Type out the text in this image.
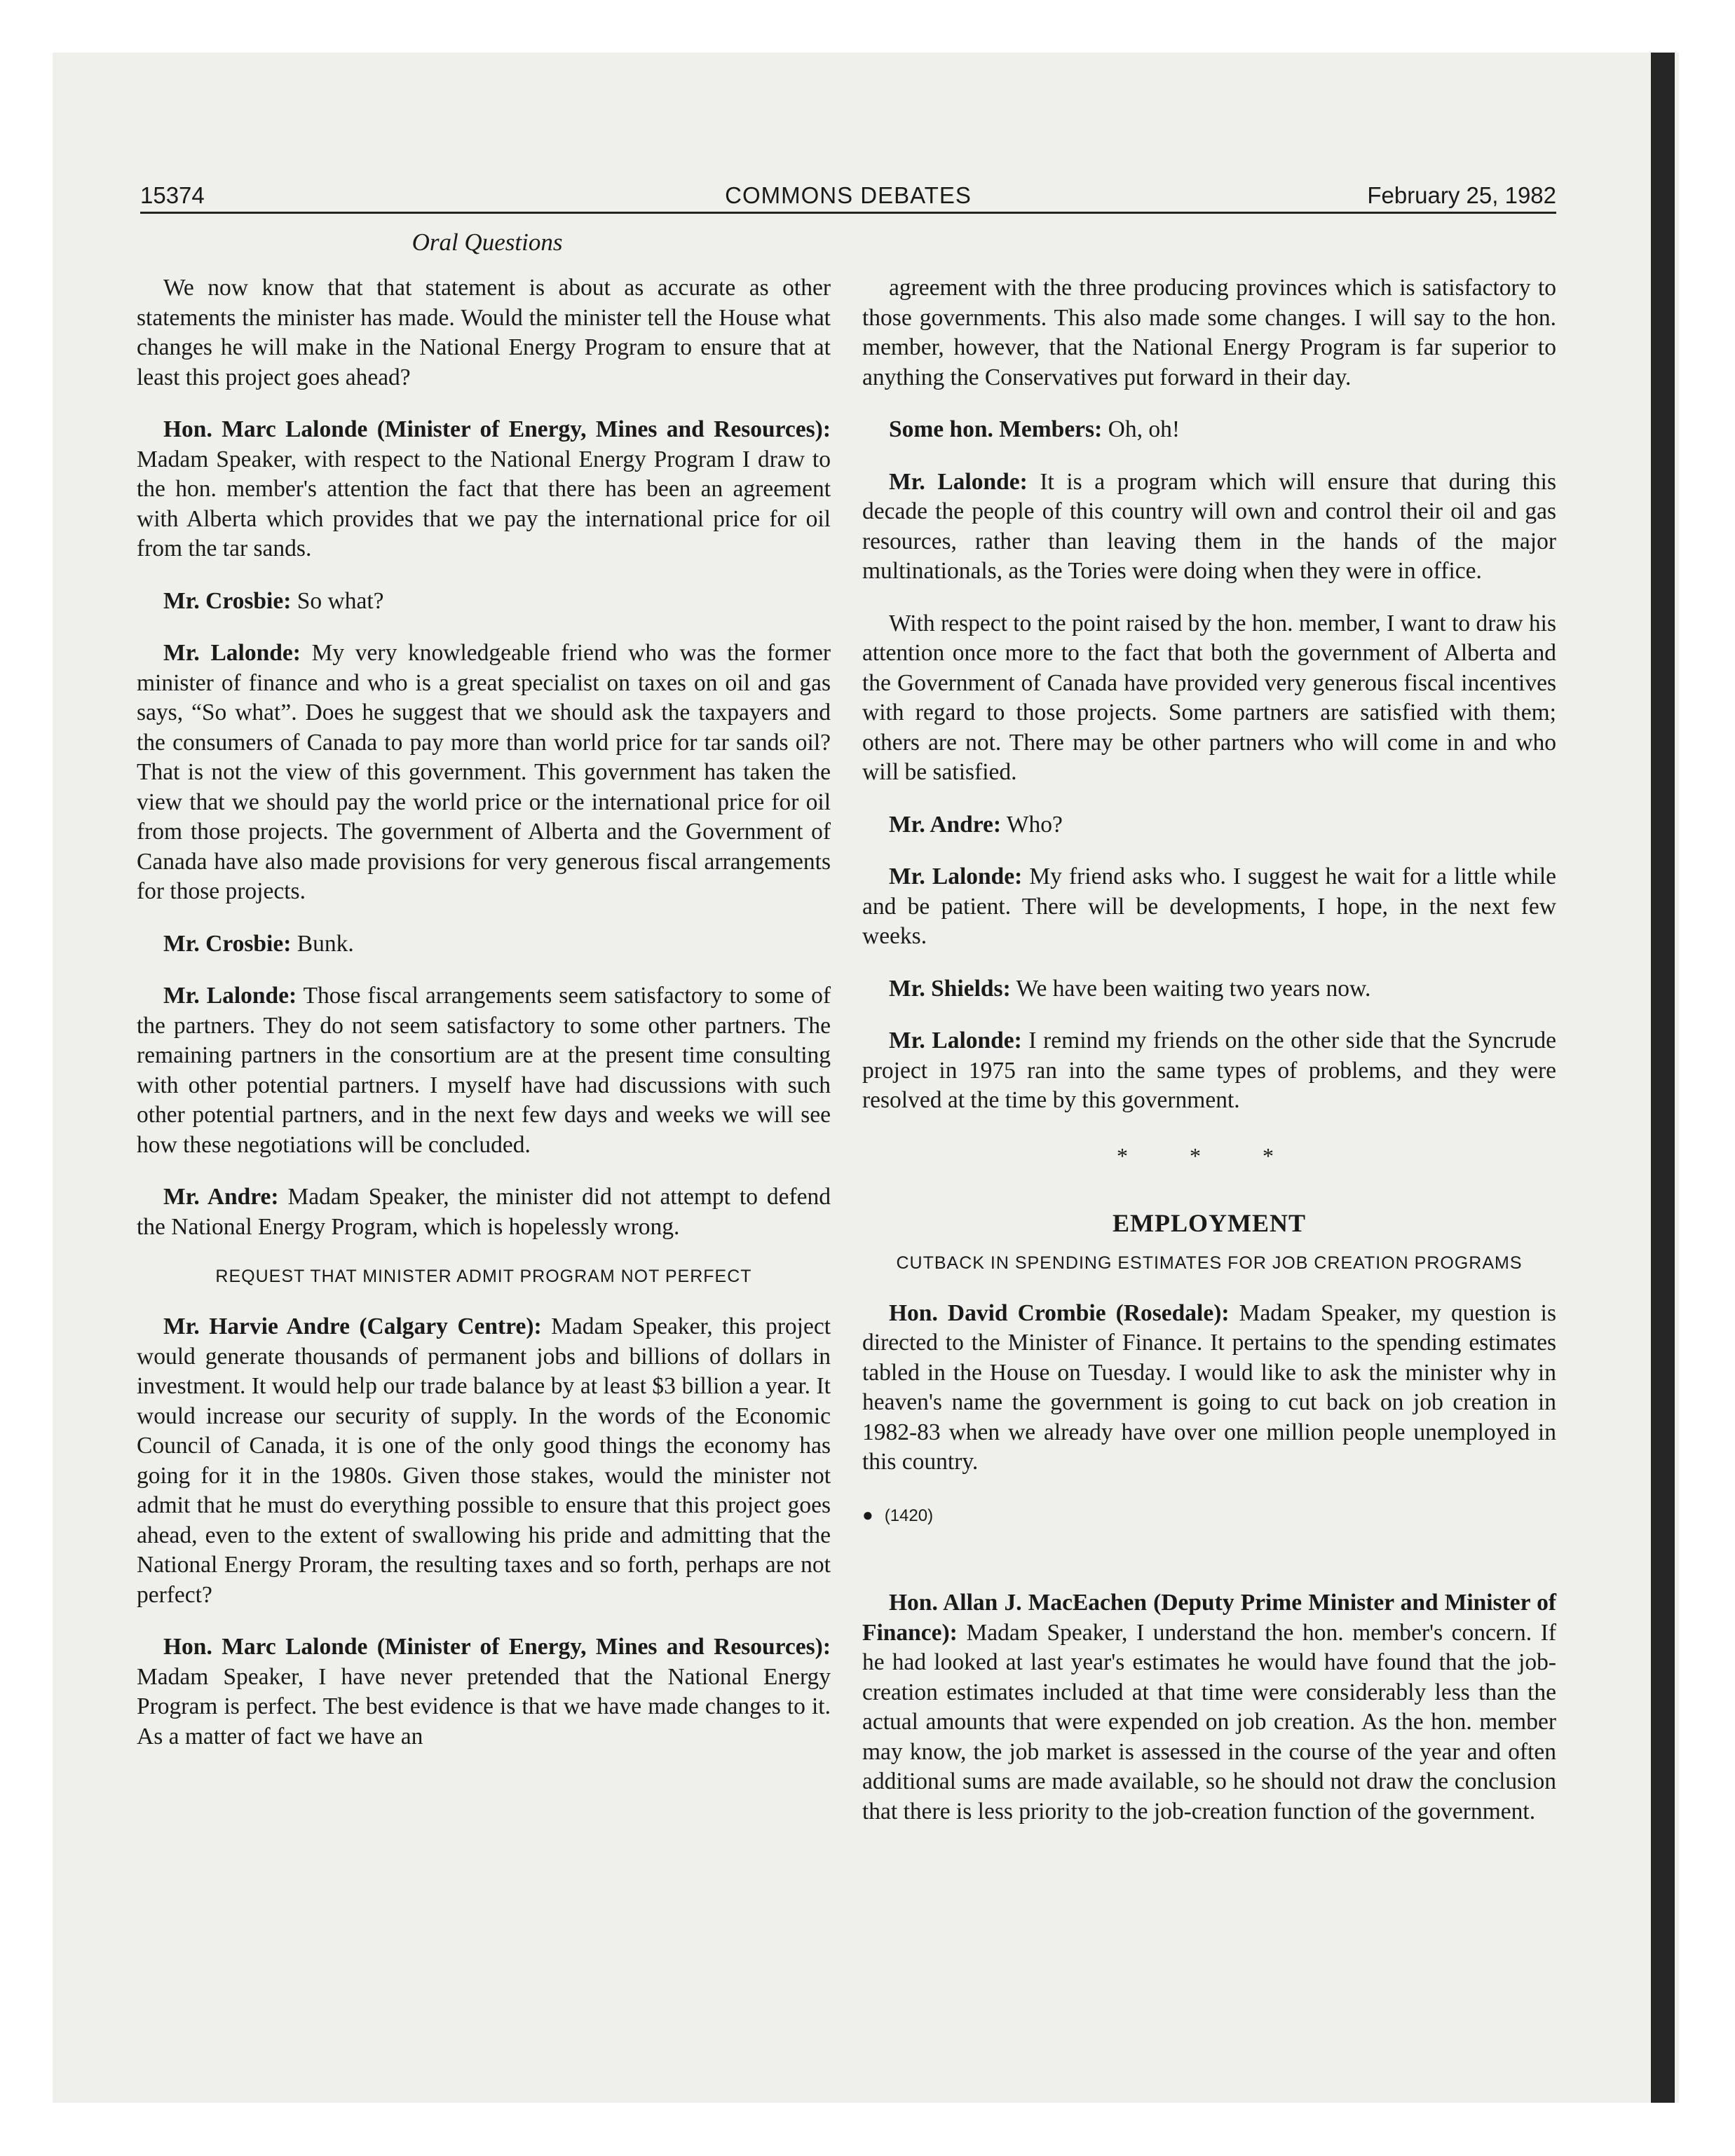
15374	COMMONS DEBATES	February 25, 1982
Oral Questions

We now know that that statement is about as accurate as other statements the minister has made. Would the minister tell the House what changes he will make in the National Energy Program to ensure that at least this project goes ahead?

Hon. Marc Lalonde (Minister of Energy, Mines and Resources): Madam Speaker, with respect to the National Energy Program I draw to the hon. member's attention the fact that there has been an agreement with Alberta which provides that we pay the international price for oil from the tar sands.

Mr. Crosbie: So what?

Mr. Lalonde: My very knowledgeable friend who was the former minister of finance and who is a great specialist on taxes on oil and gas says, “So what”. Does he suggest that we should ask the taxpayers and the consumers of Canada to pay more than world price for tar sands oil? That is not the view of this government. This government has taken the view that we should pay the world price or the international price for oil from those projects. The government of Alberta and the Government of Canada have also made provisions for very generous fiscal arrangements for those projects.

Mr. Crosbie: Bunk.

Mr. Lalonde: Those fiscal arrangements seem satisfactory to some of the partners. They do not seem satisfactory to some other partners. The remaining partners in the consortium are at the present time consulting with other potential partners. I myself have had discussions with such other potential partners, and in the next few days and weeks we will see how these negotiations will be concluded.

Mr. Andre: Madam Speaker, the minister did not attempt to defend the National Energy Program, which is hopelessly wrong.

REQUEST THAT MINISTER ADMIT PROGRAM NOT PERFECT

Mr. Harvie Andre (Calgary Centre): Madam Speaker, this project would generate thousands of permanent jobs and billions of dollars in investment. It would help our trade balance by at least $3 billion a year. It would increase our security of supply. In the words of the Economic Council of Canada, it is one of the only good things the economy has going for it in the 1980s. Given those stakes, would the minister not admit that he must do everything possible to ensure that this project goes ahead, even to the extent of swallowing his pride and admitting that the National Energy Proram, the resulting taxes and so forth, perhaps are not perfect?

Hon. Marc Lalonde (Minister of Energy, Mines and Resources): Madam Speaker, I have never pretended that the National Energy Program is perfect. The best evidence is that we have made changes to it. As a matter of fact we have an

agreement with the three producing provinces which is satisfactory to those governments. This also made some changes. I will say to the hon. member, however, that the National Energy Program is far superior to anything the Conservatives put forward in their day.

Some hon. Members: Oh, oh!

Mr. Lalonde: It is a program which will ensure that during this decade the people of this country will own and control their oil and gas resources, rather than leaving them in the hands of the major multinationals, as the Tories were doing when they were in office.

With respect to the point raised by the hon. member, I want to draw his attention once more to the fact that both the government of Alberta and the Government of Canada have provided very generous fiscal incentives with regard to those projects. Some partners are satisfied with them; others are not. There may be other partners who will come in and who will be satisfied.

Mr. Andre: Who?

Mr. Lalonde: My friend asks who. I suggest he wait for a little while and be patient. There will be developments, I hope, in the next few weeks.

Mr. Shields: We have been waiting two years now.

Mr. Lalonde: I remind my friends on the other side that the Syncrude project in 1975 ran into the same types of problems, and they were resolved at the time by this government.

* * *
EMPLOYMENT
CUTBACK IN SPENDING ESTIMATES FOR JOB CREATION PROGRAMS

Hon. David Crombie (Rosedale): Madam Speaker, my question is directed to the Minister of Finance. It pertains to the spending estimates tabled in the House on Tuesday. I would like to ask the minister why in heaven's name the government is going to cut back on job creation in 1982-83 when we already have over one million people unemployed in this country.

● (1420)

Hon. Allan J. MacEachen (Deputy Prime Minister and Minister of Finance): Madam Speaker, I understand the hon. member's concern. If he had looked at last year's estimates he would have found that the job-creation estimates included at that time were considerably less than the actual amounts that were expended on job creation. As the hon. member may know, the job market is assessed in the course of the year and often additional sums are made available, so he should not draw the conclusion that there is less priority to the job-creation function of the government.
